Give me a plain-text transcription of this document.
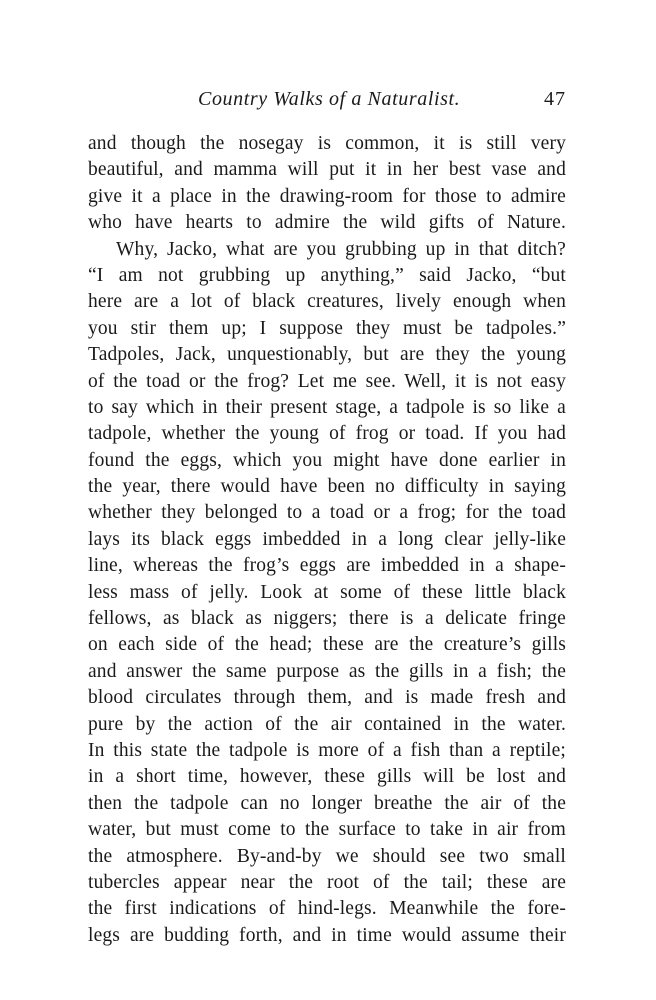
Country Walks of a Naturalist.	47
and though the nosegay is common, it is still very
beautiful, and mamma will put it in her best vase and
give it a place in the drawing-room for those to admire
who have hearts to admire the wild gifts of Nature.
Why, Jacko, what are you grubbing up in that ditch?
“I am not grubbing up anything,” said Jacko, “but
here are a lot of black creatures, lively enough when
you stir them up; I suppose they must be tadpoles.”
Tadpoles, Jack, unquestionably, but are they the young
of the toad or the frog? Let me see. Well, it is not easy
to say which in their present stage, a tadpole is so like a
tadpole, whether the young of frog or toad. If you had
found the eggs, which you might have done earlier in
the year, there would have been no difficulty in saying
whether they belonged to a toad or a frog; for the toad
lays its black eggs imbedded in a long clear jelly-like
line, whereas the frog’s eggs are imbedded in a shape-
less mass of jelly. Look at some of these little black
fellows, as black as niggers; there is a delicate fringe
on each side of the head; these are the creature’s gills
and answer the same purpose as the gills in a fish; the
blood circulates through them, and is made fresh and
pure by the action of the air contained in the water.
In this state the tadpole is more of a fish than a reptile;
in a short time, however, these gills will be lost and
then the tadpole can no longer breathe the air of the
water, but must come to the surface to take in air from
the atmosphere. By-and-by we should see two small
tubercles appear near the root of the tail; these are
the first indications of hind-legs. Meanwhile the fore-
legs are budding forth, and in time would assume their
